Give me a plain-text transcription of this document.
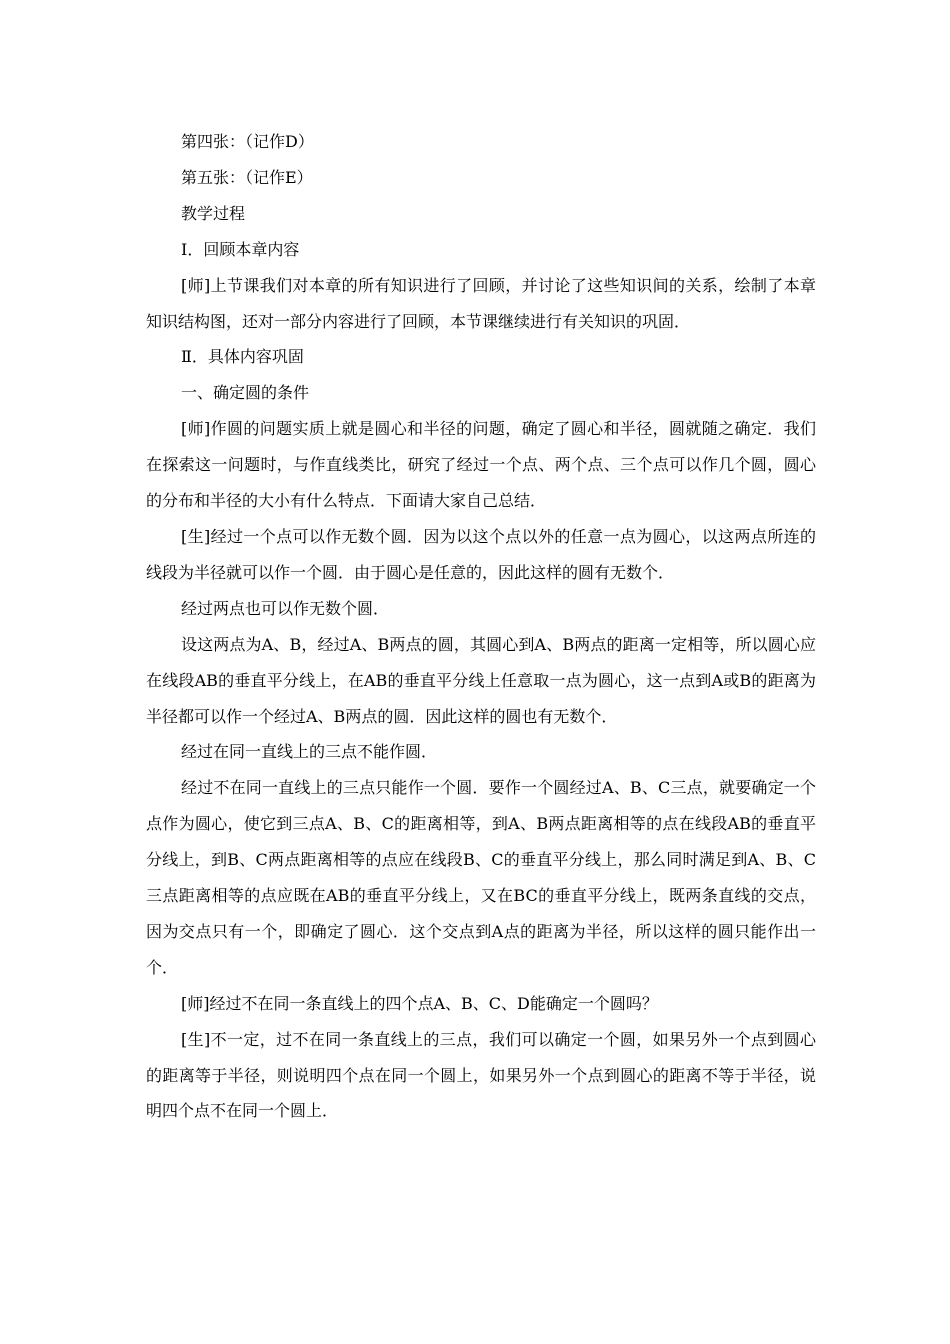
第四张：（记作D）

第五张：（记作E）

教学过程

Ⅰ．回顾本章内容

[师]上节课我们对本章的所有知识进行了回顾，并讨论了这些知识间的关系，绘制了本章知识结构图，还对一部分内容进行了回顾，本节课继续进行有关知识的巩固．

Ⅱ．具体内容巩固

一、确定圆的条件

[师]作圆的问题实质上就是圆心和半径的问题，确定了圆心和半径，圆就随之确定．我们在探索这一问题时，与作直线类比，研究了经过一个点、两个点、三个点可以作几个圆，圆心的分布和半径的大小有什么特点．下面请大家自己总结．

[生]经过一个点可以作无数个圆．因为以这个点以外的任意一点为圆心，以这两点所连的线段为半径就可以作一个圆．由于圆心是任意的，因此这样的圆有无数个．

经过两点也可以作无数个圆．

设这两点为A、B，经过A、B两点的圆，其圆心到A、B两点的距离一定相等，所以圆心应在线段AB的垂直平分线上，在AB的垂直平分线上任意取一点为圆心，这一点到A或B的距离为半径都可以作一个经过A、B两点的圆．因此这样的圆也有无数个．

经过在同一直线上的三点不能作圆．

经过不在同一直线上的三点只能作一个圆．要作一个圆经过A、B、C三点，就要确定一个点作为圆心，使它到三点A、B、C的距离相等，到A、B两点距离相等的点在线段AB的垂直平分线上，到B、C两点距离相等的点应在线段B、C的垂直平分线上，那么同时满足到A、B、C三点距离相等的点应既在AB的垂直平分线上，又在BC的垂直平分线上，既两条直线的交点，因为交点只有一个，即确定了圆心．这个交点到A点的距离为半径，所以这样的圆只能作出一个．

[师]经过不在同一条直线上的四个点A、B、C、D能确定一个圆吗？

[生]不一定，过不在同一条直线上的三点，我们可以确定一个圆，如果另外一个点到圆心的距离等于半径，则说明四个点在同一个圆上，如果另外一个点到圆心的距离不等于半径，说明四个点不在同一个圆上．
